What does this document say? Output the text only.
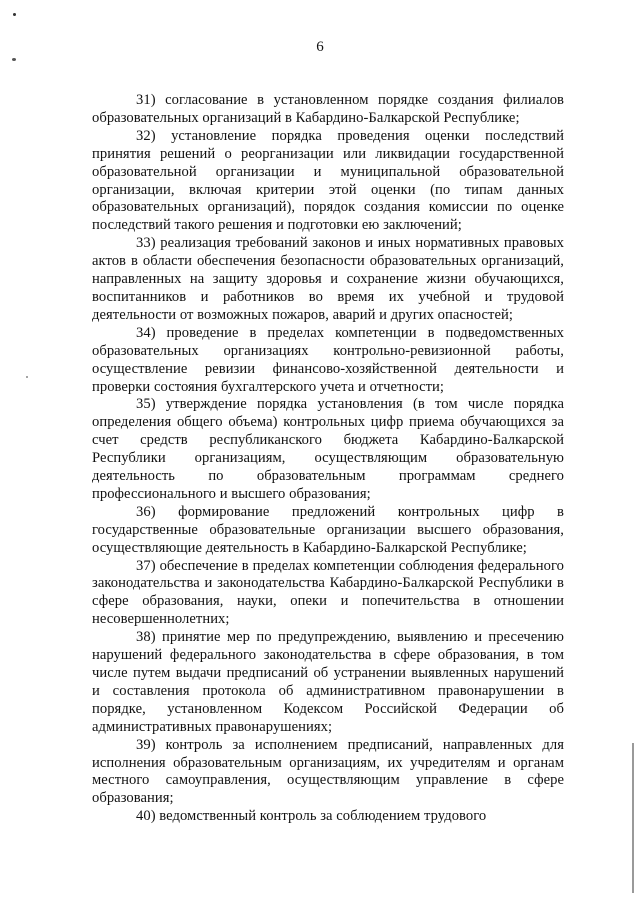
6

31) согласование в установленном порядке создания филиалов образовательных организаций в Кабардино-Балкарской Республике;

32) установление порядка проведения оценки последствий принятия решений о реорганизации или ликвидации государственной образовательной организации и муниципальной образовательной организации, включая критерии этой оценки (по типам данных образовательных организаций), порядок создания комиссии по оценке последствий такого решения и подготовки ею заключений;

33) реализация требований законов и иных нормативных правовых актов в области обеспечения безопасности образовательных организаций, направленных на защиту здоровья и сохранение жизни обучающихся, воспитанников и работников во время их учебной и трудовой деятельности от возможных пожаров, аварий и других опасностей;

34) проведение в пределах компетенции в подведомственных образовательных организациях контрольно-ревизионной работы, осуществление ревизии финансово-хозяйственной деятельности и проверки состояния бухгалтерского учета и отчетности;

35) утверждение порядка установления (в том числе порядка определения общего объема) контрольных цифр приема обучающихся за счет средств республиканского бюджета Кабардино-Балкарской Республики организациям, осуществляющим образовательную деятельность по образовательным программам среднего профессионального и высшего образования;

36) формирование предложений контрольных цифр в государственные образовательные организации высшего образования, осуществляющие деятельность в Кабардино-Балкарской Республике;

37) обеспечение в пределах компетенции соблюдения федерального законодательства и законодательства Кабардино-Балкарской Республики в сфере образования, науки, опеки и попечительства в отношении несовершеннолетних;

38) принятие мер по предупреждению, выявлению и пресечению нарушений федерального законодательства в сфере образования, в том числе путем выдачи предписаний об устранении выявленных нарушений и составления протокола об административном правонарушении в порядке, установленном Кодексом Российской Федерации об административных правонарушениях;

39) контроль за исполнением предписаний, направленных для исполнения образовательным организациям, их учредителям и органам местного самоуправления, осуществляющим управление в сфере образования;

40) ведомственный контроль за соблюдением трудового
